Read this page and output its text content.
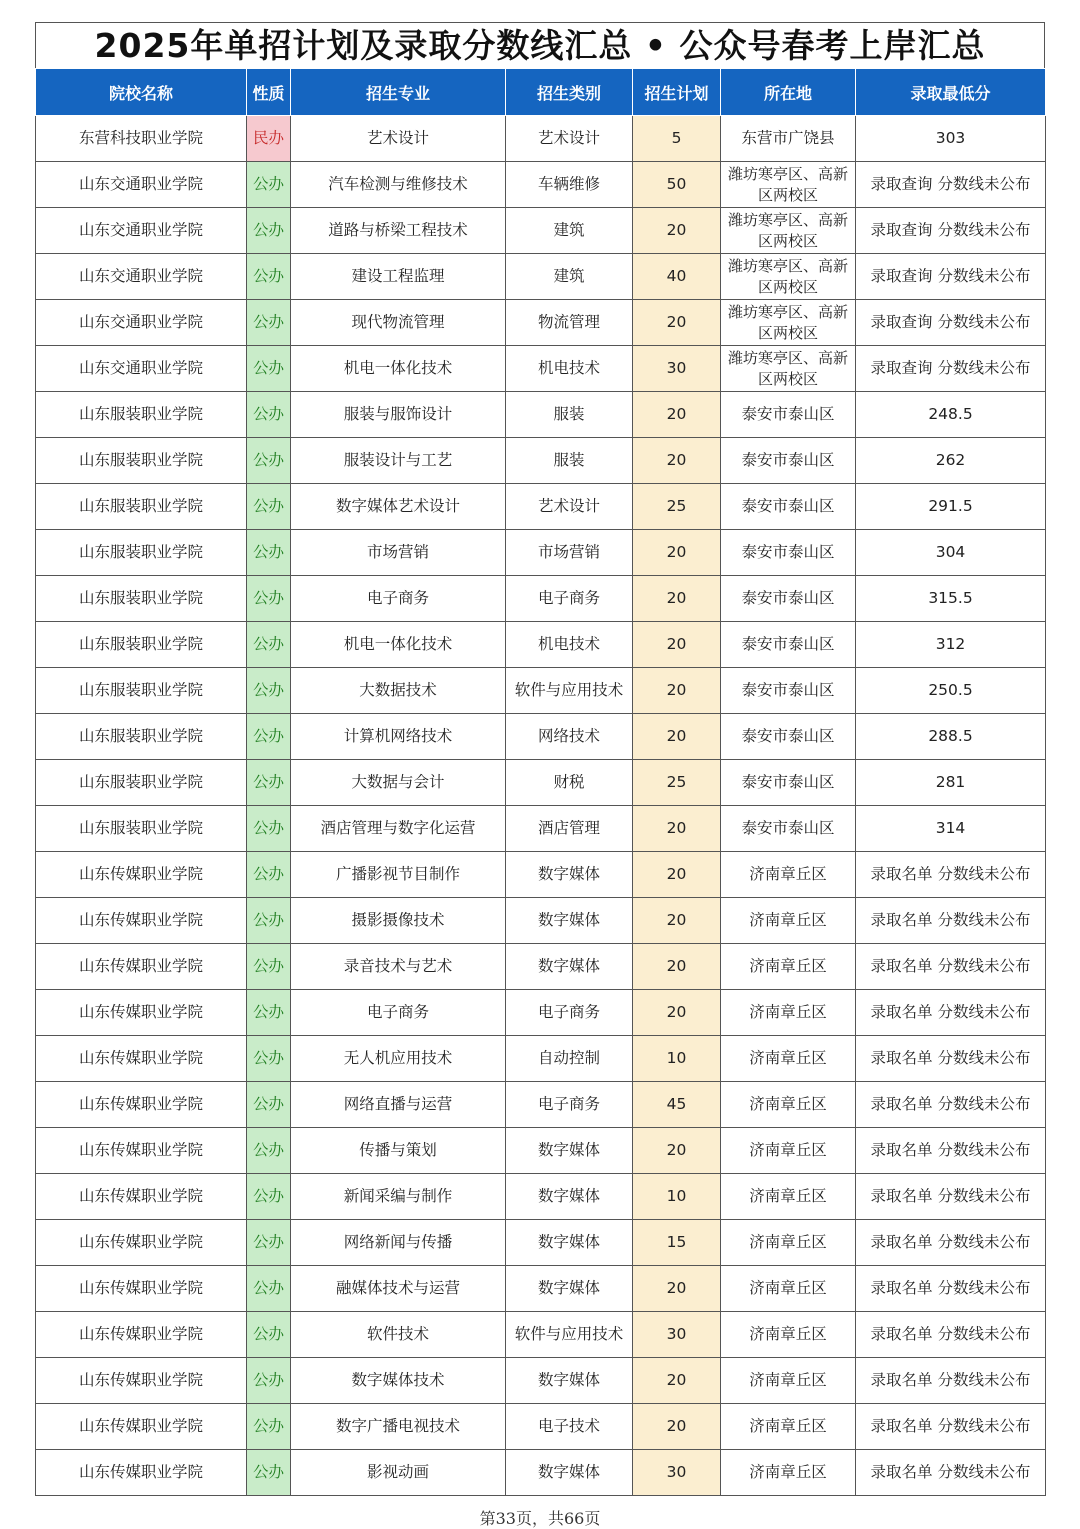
2025年单招计划及录取分数线汇总 • 公众号春考上岸汇总
院校名称	性质	招生专业	招生类别	招生计划	所在地	录取最低分
东营科技职业学院	民办	艺术设计	艺术设计	5	东营市广饶县	303
山东交通职业学院	公办	汽车检测与维修技术	车辆维修	50	潍坊寒亭区、高新区两校区	录取查询 分数线未公布
山东交通职业学院	公办	道路与桥梁工程技术	建筑	20	潍坊寒亭区、高新区两校区	录取查询 分数线未公布
山东交通职业学院	公办	建设工程监理	建筑	40	潍坊寒亭区、高新区两校区	录取查询 分数线未公布
山东交通职业学院	公办	现代物流管理	物流管理	20	潍坊寒亭区、高新区两校区	录取查询 分数线未公布
山东交通职业学院	公办	机电一体化技术	机电技术	30	潍坊寒亭区、高新区两校区	录取查询 分数线未公布
山东服装职业学院	公办	服装与服饰设计	服装	20	泰安市泰山区	248.5
山东服装职业学院	公办	服装设计与工艺	服装	20	泰安市泰山区	262
山东服装职业学院	公办	数字媒体艺术设计	艺术设计	25	泰安市泰山区	291.5
山东服装职业学院	公办	市场营销	市场营销	20	泰安市泰山区	304
山东服装职业学院	公办	电子商务	电子商务	20	泰安市泰山区	315.5
山东服装职业学院	公办	机电一体化技术	机电技术	20	泰安市泰山区	312
山东服装职业学院	公办	大数据技术	软件与应用技术	20	泰安市泰山区	250.5
山东服装职业学院	公办	计算机网络技术	网络技术	20	泰安市泰山区	288.5
山东服装职业学院	公办	大数据与会计	财税	25	泰安市泰山区	281
山东服装职业学院	公办	酒店管理与数字化运营	酒店管理	20	泰安市泰山区	314
山东传媒职业学院	公办	广播影视节目制作	数字媒体	20	济南章丘区	录取名单 分数线未公布
山东传媒职业学院	公办	摄影摄像技术	数字媒体	20	济南章丘区	录取名单 分数线未公布
山东传媒职业学院	公办	录音技术与艺术	数字媒体	20	济南章丘区	录取名单 分数线未公布
山东传媒职业学院	公办	电子商务	电子商务	20	济南章丘区	录取名单 分数线未公布
山东传媒职业学院	公办	无人机应用技术	自动控制	10	济南章丘区	录取名单 分数线未公布
山东传媒职业学院	公办	网络直播与运营	电子商务	45	济南章丘区	录取名单 分数线未公布
山东传媒职业学院	公办	传播与策划	数字媒体	20	济南章丘区	录取名单 分数线未公布
山东传媒职业学院	公办	新闻采编与制作	数字媒体	10	济南章丘区	录取名单 分数线未公布
山东传媒职业学院	公办	网络新闻与传播	数字媒体	15	济南章丘区	录取名单 分数线未公布
山东传媒职业学院	公办	融媒体技术与运营	数字媒体	20	济南章丘区	录取名单 分数线未公布
山东传媒职业学院	公办	软件技术	软件与应用技术	30	济南章丘区	录取名单 分数线未公布
山东传媒职业学院	公办	数字媒体技术	数字媒体	20	济南章丘区	录取名单 分数线未公布
山东传媒职业学院	公办	数字广播电视技术	电子技术	20	济南章丘区	录取名单 分数线未公布
山东传媒职业学院	公办	影视动画	数字媒体	30	济南章丘区	录取名单 分数线未公布
第33页，共66页
